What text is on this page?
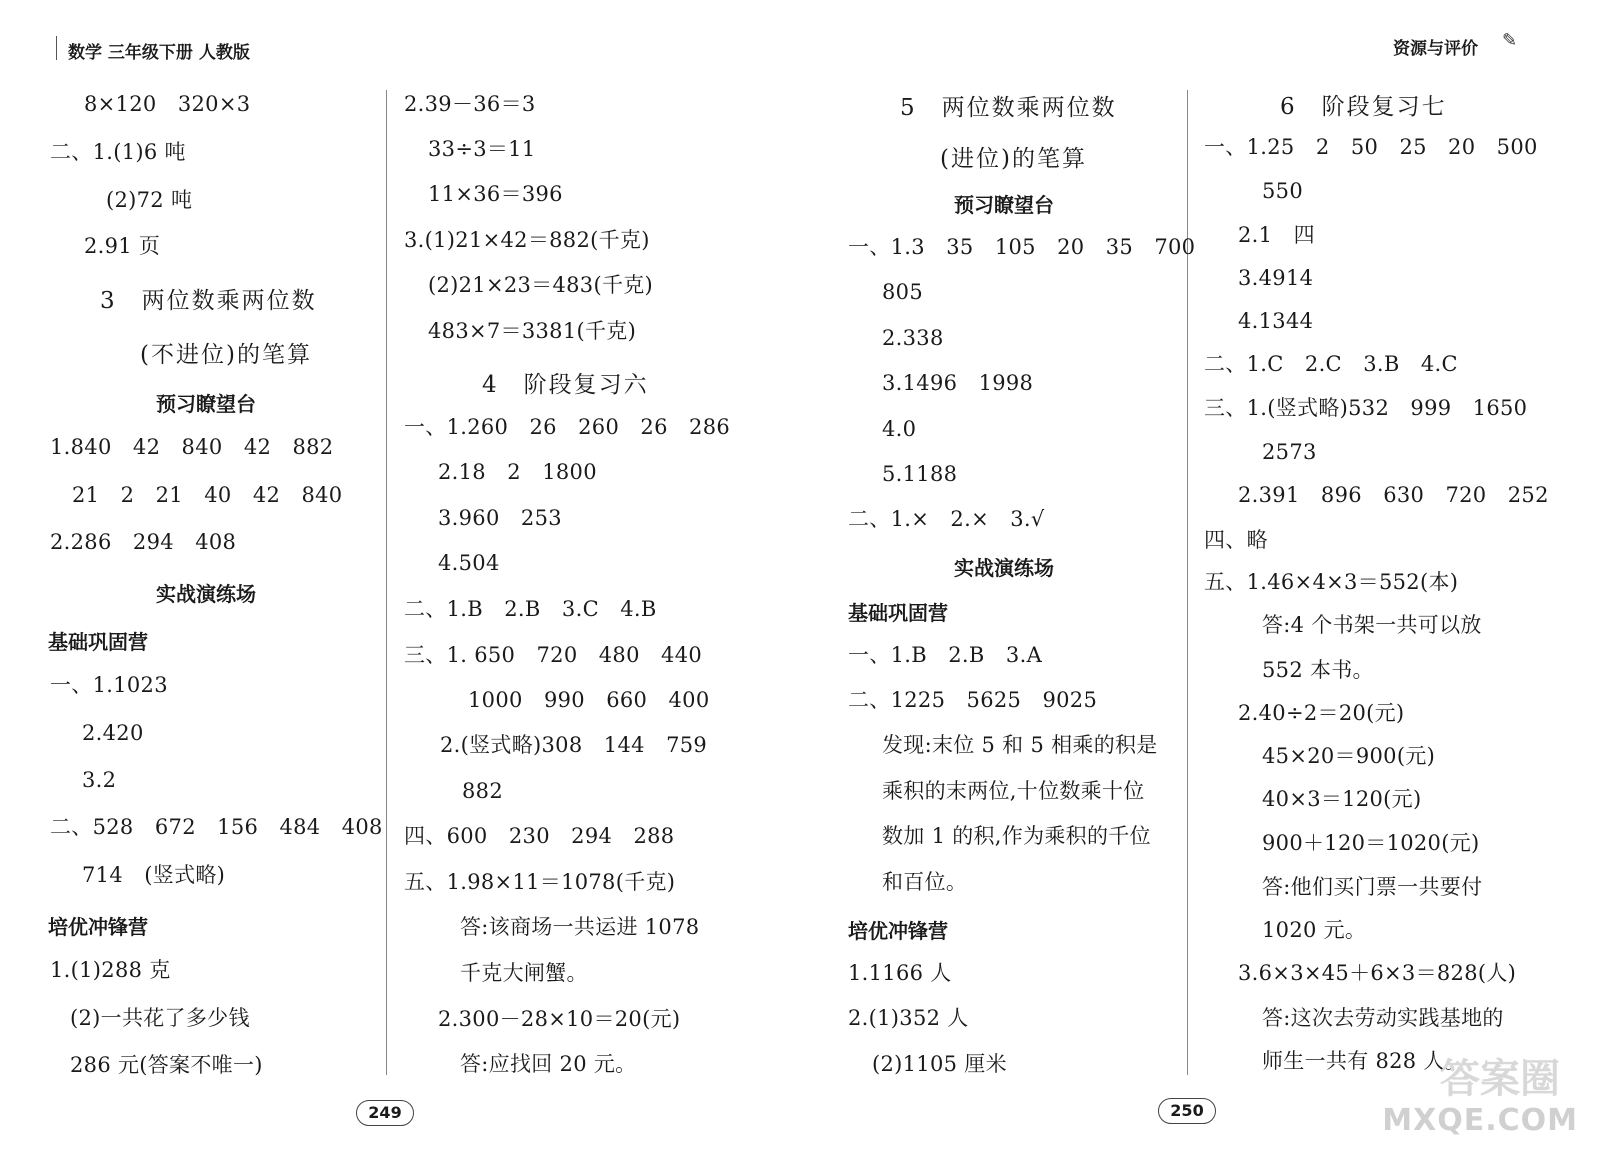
数学 三年级下册 人教版	资源与评价 ✎
8×120　320×3
二、1.(1)6 吨
(2)72 吨
2.91 页
3　两位数乘两位数
(不进位)的笔算
预习瞭望台
1.840　42　840　42　882
21　2　21　40　42　840
2.286　294　408
实战演练场
基础巩固营
一、1.1023
2.420
3.2
二、528　672　156　484　408
714　(竖式略)
培优冲锋营
1.(1)288 克
(2)一共花了多少钱
286 元(答案不唯一)
2.39－36＝3
33÷3＝11
11×36＝396
3.(1)21×42＝882(千克)
(2)21×23＝483(千克)
483×7＝3381(千克)
4　阶段复习六
一、1.260　26　260　26　286
2.18　2　1800
3.960　253
4.504
二、1.B　2.B　3.C　4.B
三、1. 650　720　480　440
1000　990　660　400
2.(竖式略)308　144　759
882
四、600　230　294　288
五、1.98×11＝1078(千克)
答:该商场一共运进 1078
千克大闸蟹。
2.300－28×10＝20(元)
答:应找回 20 元。
5　两位数乘两位数
(进位)的笔算
预习瞭望台
一、1.3　35　105　20　35　700
805
2.338
3.1496　1998
4.0
5.1188
二、1.×　2.×　3.√
实战演练场
基础巩固营
一、1.B　2.B　3.A
二、1225　5625　9025
发现:末位 5 和 5 相乘的积是
乘积的末两位,十位数乘十位
数加 1 的积,作为乘积的千位
和百位。
培优冲锋营
1.1166 人
2.(1)352 人
(2)1105 厘米
6　阶段复习七
一、1.25　2　50　25　20　500
550
2.1　四
3.4914
4.1344
二、1.C　2.C　3.B　4.C
三、1.(竖式略)532　999　1650
2573
2.391　896　630　720　252
四、略
五、1.46×4×3＝552(本)
答:4 个书架一共可以放
552 本书。
2.40÷2＝20(元)
45×20＝900(元)
40×3＝120(元)
900＋120＝1020(元)
答:他们买门票一共要付
1020 元。
3.6×3×45＋6×3＝828(人)
答:这次去劳动实践基地的
师生一共有 828 人。
249	250
答案圈
MXQE.COM
